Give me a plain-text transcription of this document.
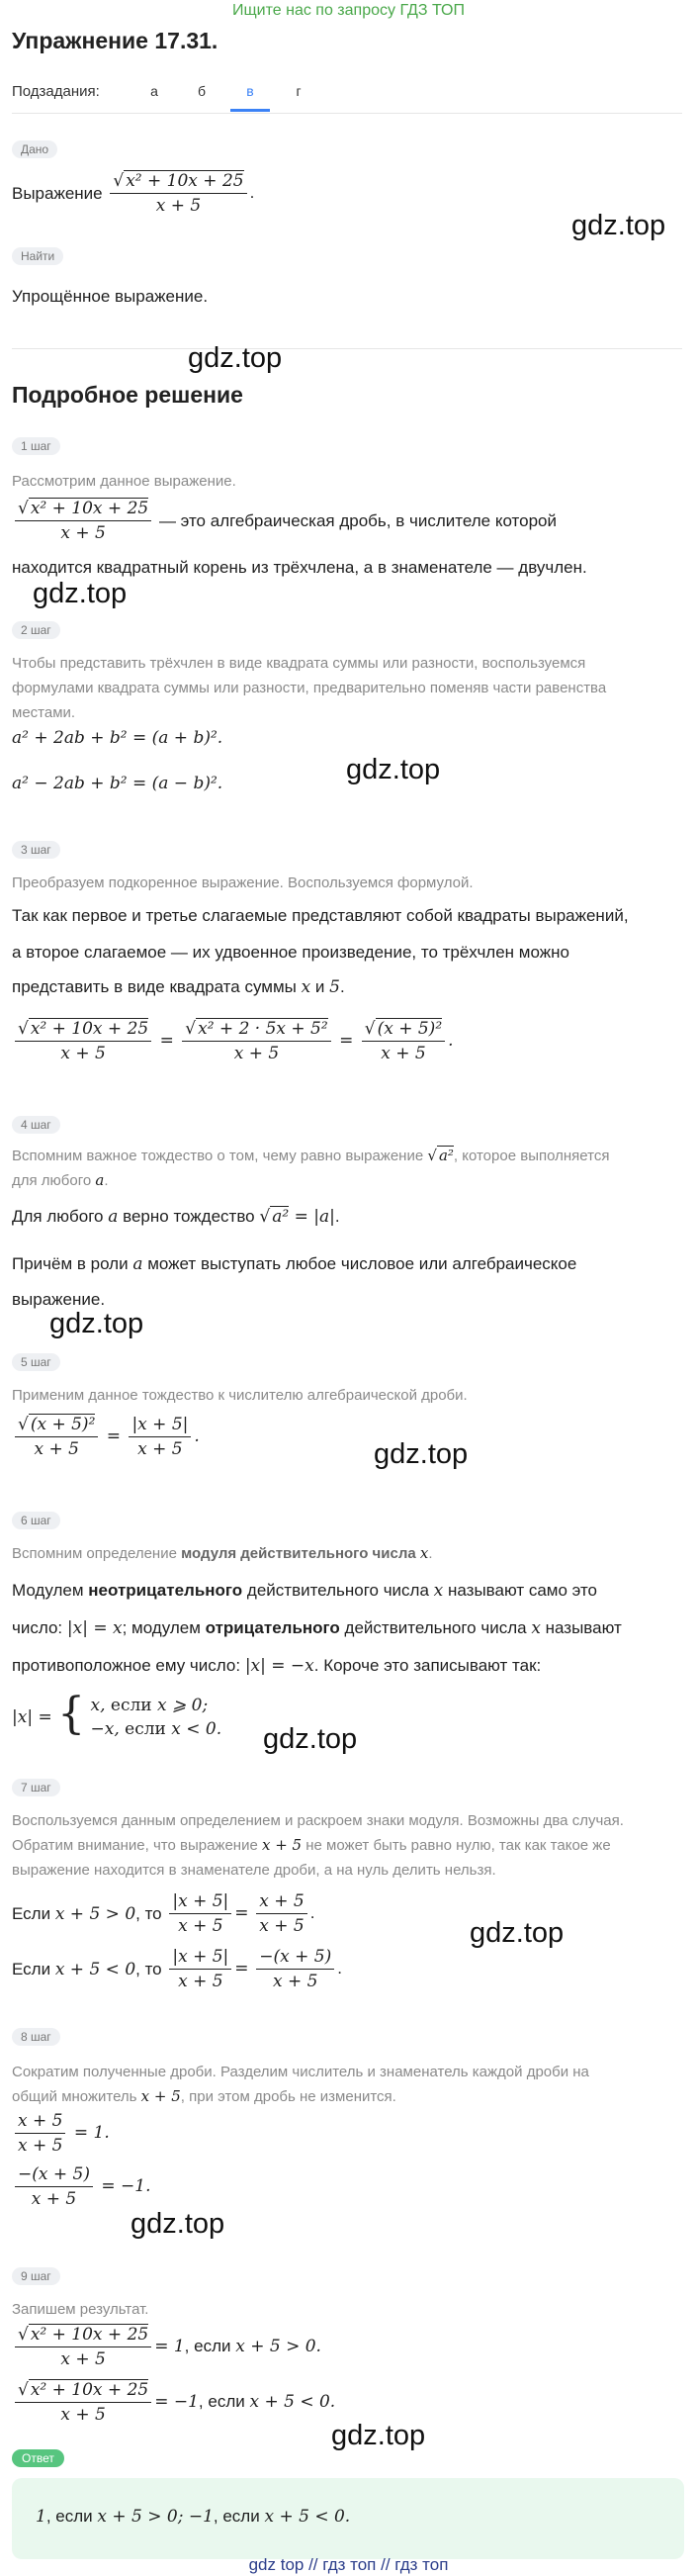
Ищите нас по запросу ГДЗ ТОП
Упражнение 17.31.
Подзадания:	а	б	в	г
Дано
Выражение $\frac{\text{√ x² + 10x + 25}}{x + 5}$ .
gdz.top
Найти
Упрощённое выражение.
gdz.top
Подробное решение
1 шаг
Рассмотрим данное выражение.
$\frac{\text{√ x² + 10x + 25}}{x + 5}$ — это алгебраическая дробь, в числителе которой
находится квадратный корень из трёхчлена, а в знаменателе — двучлен.
gdz.top
2 шаг
Чтобы представить трёхчлен в виде квадрата суммы или разности, воспользуемся формулами квадрата суммы или разности, предварительно поменяв части равенства местами.
a² + 2ab + b² = (a + b)².
a² − 2ab + b² = (a − b)².	gdz.top
3 шаг
Преобразуем подкоренное выражение. Воспользуемся формулой.
Так как первое и третье слагаемые представляют собой квадраты выражений,
а второе слагаемое — их удвоенное произведение, то трёхчлен можно
представить в виде квадрата суммы x и 5.
$\frac{\text{√ x² + 10x + 25}}{x + 5} = \frac{\text{√ x² + 2 · 5x + 5²}}{x + 5} = \frac{\text{√ (x + 5)²}}{x + 5}$ .
4 шаг
Вспомним важное тождество о том, чему равно выражение √ a², которое выполняется
для любого a.
Для любого a верно тождество √ a² = |a|.
Причём в роли a может выступать любое числовое или алгебраическое
выражение.
gdz.top
5 шаг
Применим данное тождество к числителю алгебраической дроби.
$\frac{\text{√ (x + 5)²}}{x + 5} = \frac{|x + 5|}{x + 5}$ .
gdz.top
6 шаг
Вспомним определение модуля действительного числа x.
Модулем неотрицательного действительного числа x называют само это
число: |x| = x; модулем отрицательного действительного числа x называют
противоположное ему число: |x| = −x. Короче это записывают так:
|x| = { x, если x ⩾ 0;
−x, если x < 0. gdz.top
7 шаг
Воспользуемся данным определением и раскроем знаки модуля. Возможны два случая.
Обратим внимание, что выражение x + 5 не может быть равно нулю, так как такое же
выражение находится в знаменателе дроби, а на нуль делить нельзя.
Если x + 5 > 0, то $\frac{|x + 5|}{x + 5} = \frac{x + 5}{x + 5}$ .
Если x + 5 < 0, то $\frac{|x + 5|}{x + 5} = \frac{-(x + 5)}{x + 5}$ .
gdz.top
8 шаг
Сократим полученные дроби. Разделим числитель и знаменатель каждой дроби на
общий множитель x + 5, при этом дробь не изменится.
$\frac{x + 5}{x + 5} = 1$.
$\frac{-(x + 5)}{x + 5} = -1$.
gdz.top
9 шаг
Запишем результат.
$\frac{\text{√ x² + 10x + 25}}{x + 5} = 1$, если x + 5 > 0.
$\frac{\text{√ x² + 10x + 25}}{x + 5} = -1$, если x + 5 < 0.
gdz.top
Ответ
1, если x + 5 > 0; −1, если x + 5 < 0.
gdz top // гдз топ // гдз топ
